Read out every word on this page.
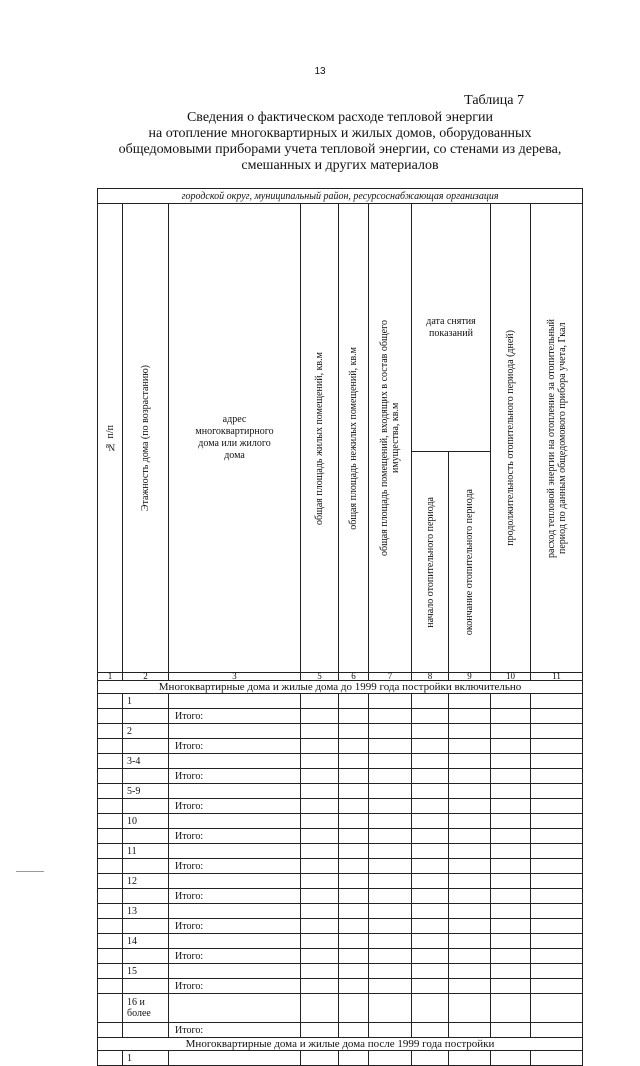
13
Таблица 7
Сведения о фактическом расходе тепловой энергии
на отопление многоквартирных и жилых домов, оборудованных
общедомовыми приборами учета тепловой энергии, со стенами из дерева,
смешанных и других материалов
городской округ, муниципальный район, ресурсоснабжающая организация									

№ п/п	Этажность дома (по возрастанию)	адрес многоквартирного дома или жилого дома	общая площадь жилых помещений, кв.м	общая площадь нежилых помещений, кв.м	общая площадь помещений, входящих в состав общего имущества, кв.м	дата снятия показаний		продолжительность отопительного периода (дней)	расход тепловой энергии на отопление за отопительный период по данным общедомового прибора учета, Гкал

						начало отопительного периода	окончание отопительного периода		

1	2	3	5	6	7	8	9	10	11
Многоквартирные дома и жилые дома до 1999 года постройки включительно									
	1								
		Итого:							
	2								
		Итого:							
	3-4								
		Итого:							
	5-9								
		Итого:							
	10								
		Итого:							
	11								
		Итого:							
	12								
		Итого:							
	13								
		Итого:							
	14								
		Итого:							
	15								
		Итого:							
	16 и более								
		Итого:							
Многоквартирные дома и жилые дома после 1999 года постройки									
	1								
